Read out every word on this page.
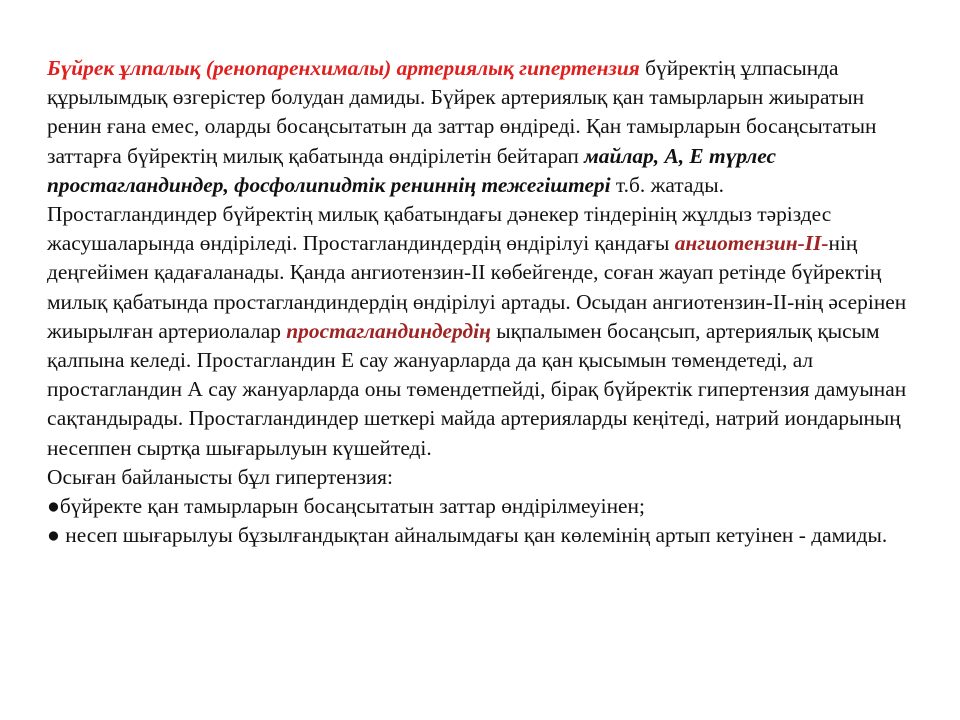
Бүйрек ұлпалық (ренопаренхималы) артериялық гипертензия бүйректің ұлпасында құрылымдық өзгерістер болудан дамиды. Бүйрек артериялық қан тамырларын жиыратын ренин ғана емес, оларды босаңсытатын да заттар өндіреді. Қан тамырларын босаңсытатын заттарға бүйректің милық қабатында өндірілетін бейтарап майлар, А, Е түрлес простагландиндер, фосфолипидтік рениннің тежегіштері т.б. жатады.

Простагландиндер бүйректің милық қабатындағы дәнекер тіндерінің жұлдыз тәріздес жасушаларында өндіріледі. Простагландиндердің өндірілуі қандағы ангиотензин-II-нің деңгейімен қадағаланады. Қанда ангиотензин-II көбейгенде, соған жауап ретінде бүйректің милық қабатында простагландиндердің өндірілуі артады. Осыдан ангиотензин-II-нің әсерінен жиырылған артериолалар простагландиндердің ықпалымен босаңсып, артериялық қысым қалпына келеді. Простагландин Е сау жануарларда да қан қысымын төмендетеді, ал простагландин А сау жануарларда оны төмендетпейді, бірақ бүйректік гипертензия дамуынан сақтандырады. Простагландиндер шеткері майда артерияларды кеңітеді, натрий иондарының несеппен сыртқа шығарылуын күшейтеді.

Осыған байланысты бұл гипертензия:

●бүйректе қан тамырларын босаңсытатын заттар өндірілмеуінен;

● несеп шығарылуы бұзылғандықтан айналымдағы қан көлемінің артып кетуінен - дамиды.
